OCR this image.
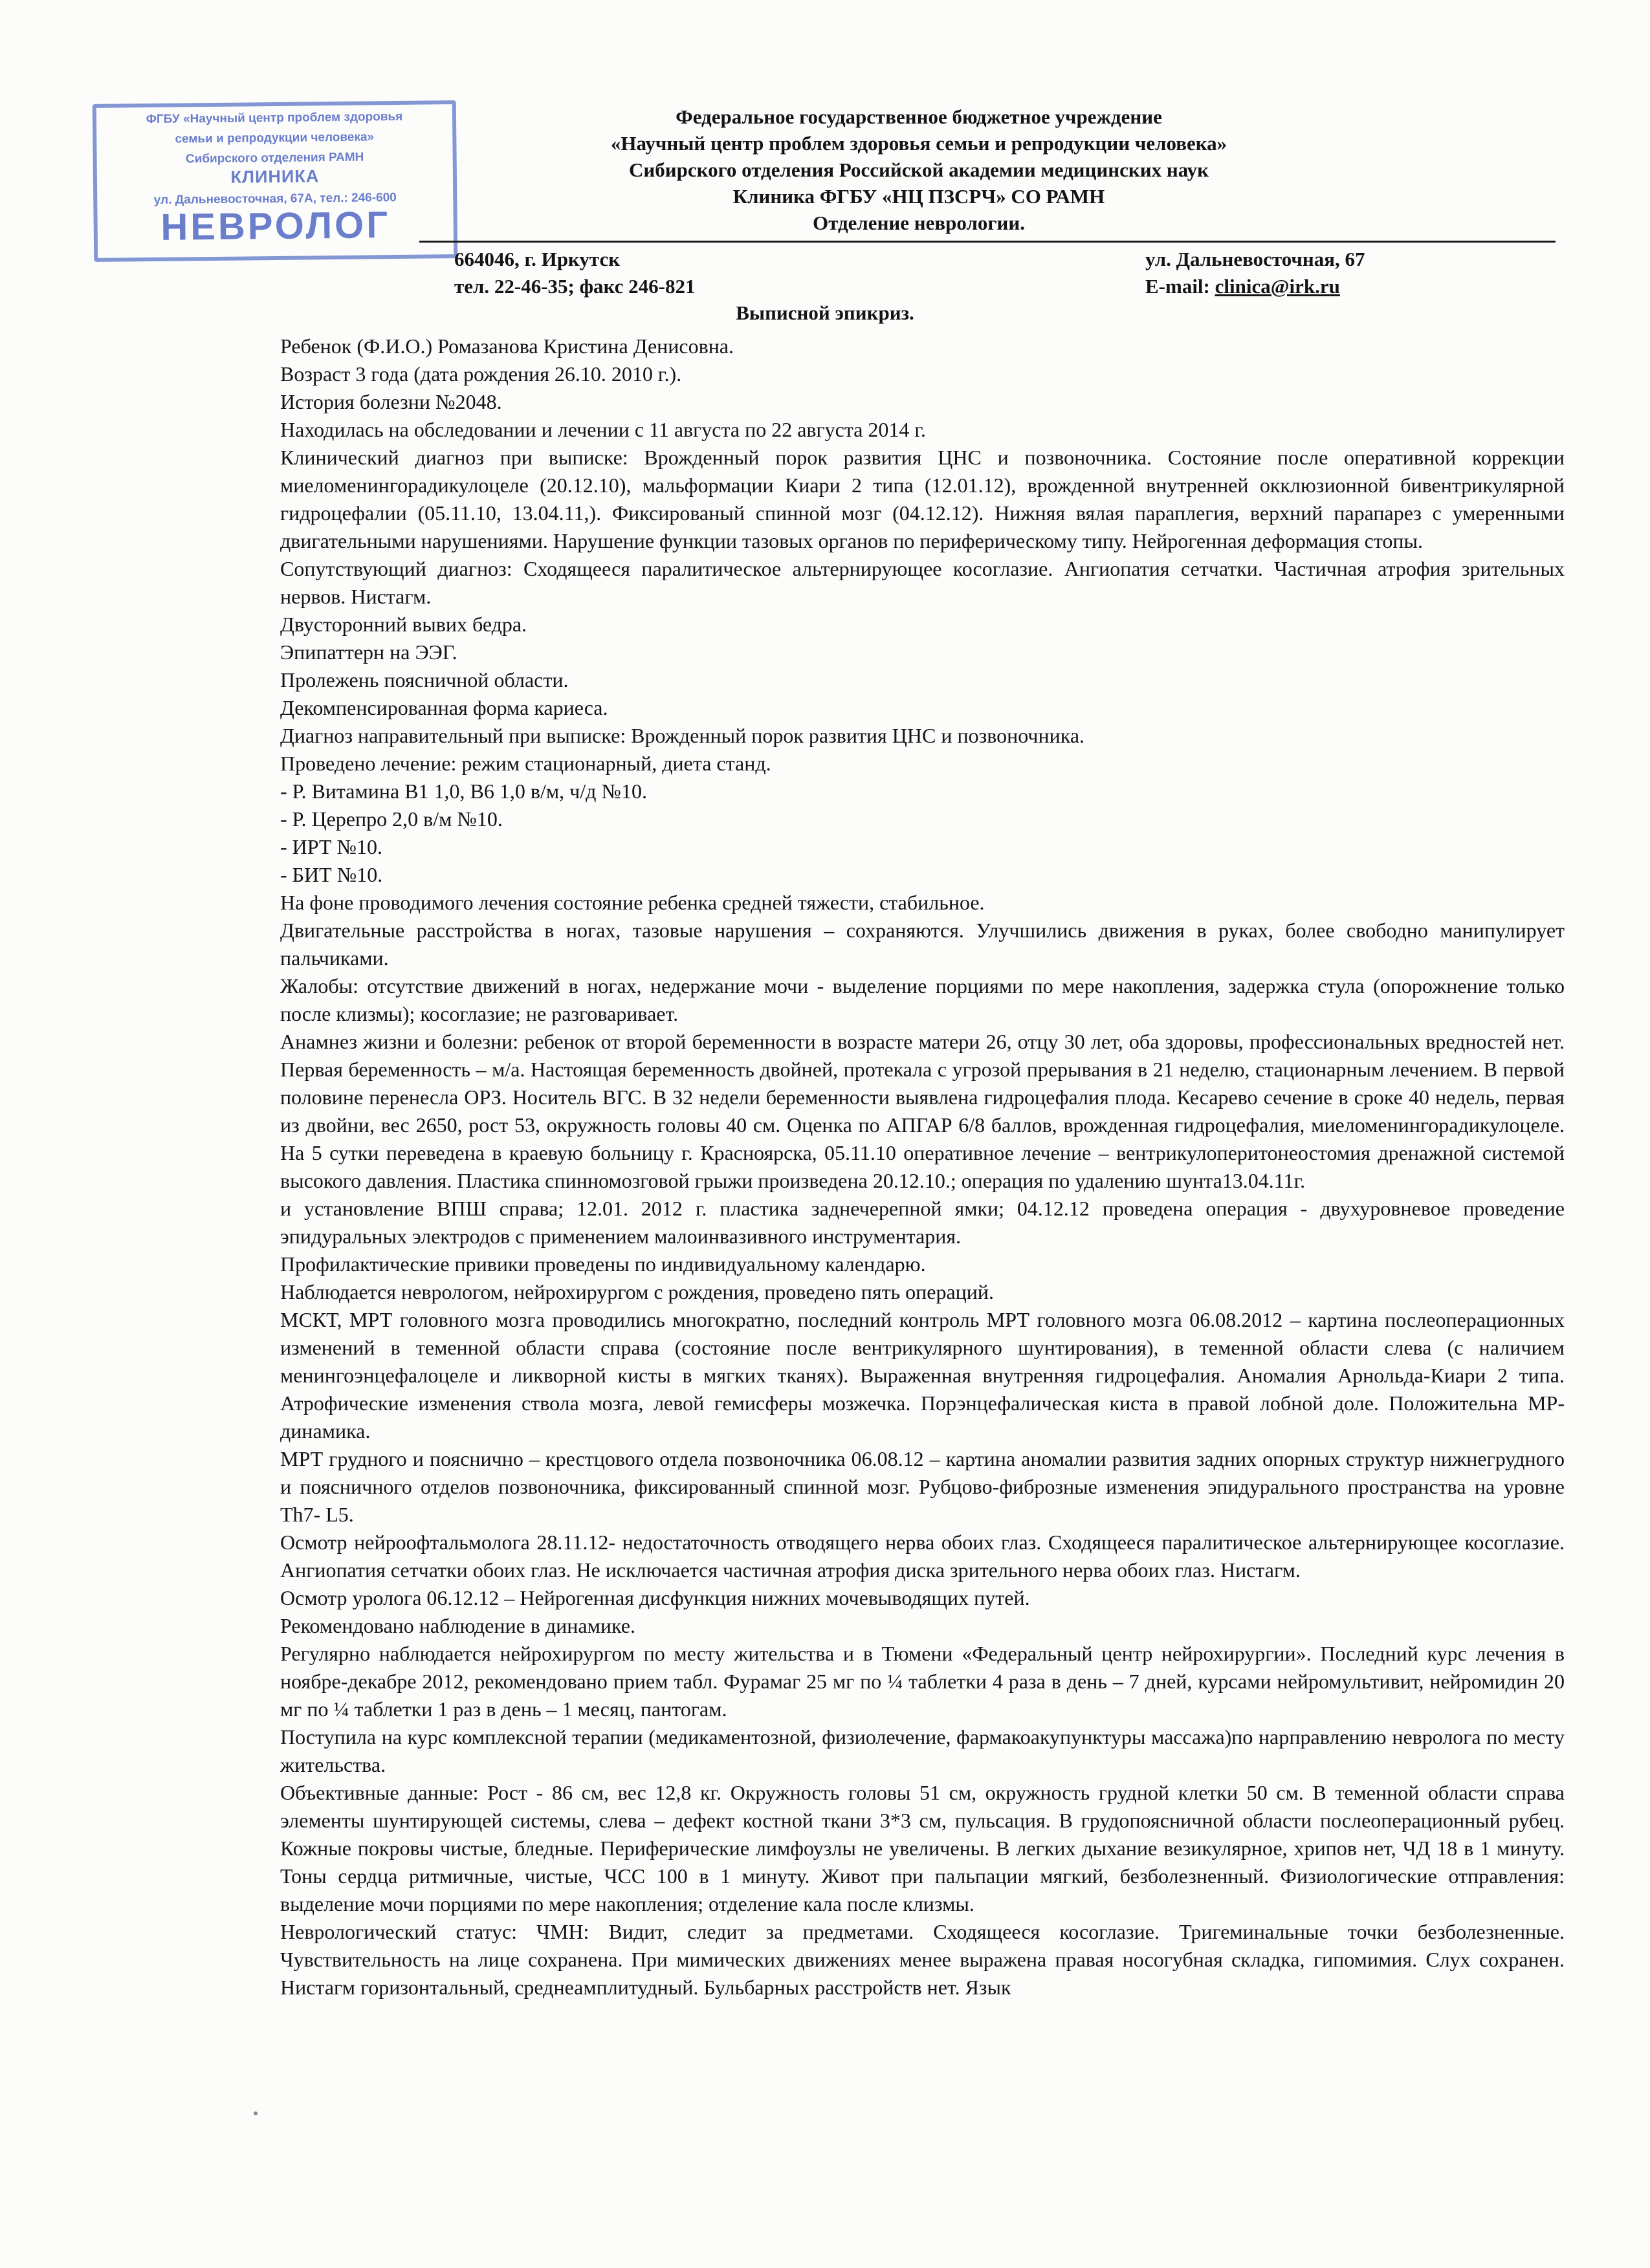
ФГБУ «Научный центр проблем здоровья
семьи и репродукции человека»
Сибирского отделения РАМН
КЛИНИКА
ул. Дальневосточная, 67А, тел.: 246-600
НЕВРОЛОГ
Федеральное государственное бюджетное учреждение
«Научный центр проблем здоровья семьи и репродукции человека»
Сибирского отделения Российской академии медицинских наук
Клиника ФГБУ «НЦ ПЗСРЧ» СО РАМН
Отделение неврологии.
664046, г. Иркутск
тел. 22-46-35; факс 246-821
ул. Дальневосточная, 67
E-mail: clinica@irk.ru
Выписной эпикриз.

Ребенок (Ф.И.О.) Ромазанова Кристина Денисовна.

Возраст 3 года (дата рождения 26.10. 2010 г.).

История болезни №2048.

Находилась на обследовании и лечении с 11 августа по 22 августа 2014 г.

Клинический диагноз при выписке: Врожденный порок развития ЦНС и позвоночника. Состояние после оперативной коррекции миеломенингорадикулоцеле (20.12.10), мальформации Киари 2 типа (12.01.12), врожденной внутренней окклюзионной бивентрикулярной гидроцефалии (05.11.10, 13.04.11,). Фиксированый спинной мозг (04.12.12). Нижняя вялая параплегия, верхний парапарез с умеренными двигательными нарушениями. Нарушение функции тазовых органов по периферическому типу. Нейрогенная деформация стопы.

Сопутствующий диагноз: Сходящееся паралитическое альтернирующее косоглазие. Ангиопатия сетчатки. Частичная атрофия зрительных нервов. Нистагм.

Двусторонний вывих бедра.

Эпипаттерн на ЭЭГ.

Пролежень поясничной области.

Декомпенсированная форма кариеса.

Диагноз направительный при выписке: Врожденный порок развития ЦНС и позвоночника.

Проведено лечение: режим стационарный, диета станд.

- Р. Витамина В1 1,0, В6 1,0 в/м, ч/д №10.

- Р. Церепро 2,0 в/м №10.

- ИРТ №10.

- БИТ №10.

На фоне проводимого лечения состояние ребенка средней тяжести, стабильное.

Двигательные расстройства в ногах, тазовые нарушения – сохраняются. Улучшились движения в руках, более свободно манипулирует пальчиками.

Жалобы: отсутствие движений в ногах, недержание мочи - выделение порциями по мере накопления, задержка стула (опорожнение только после клизмы); косоглазие; не разговаривает.

Анамнез жизни и болезни: ребенок от второй беременности в возрасте матери 26, отцу 30 лет, оба здоровы, профессиональных вредностей нет. Первая беременность – м/а. Настоящая беременность двойней, протекала с угрозой прерывания в 21 неделю, стационарным лечением. В первой половине перенесла ОРЗ. Носитель ВГС. В 32 недели беременности выявлена гидроцефалия плода. Кесарево сечение в сроке 40 недель, первая из двойни, вес 2650, рост 53, окружность головы 40 см. Оценка по АПГАР 6/8 баллов, врожденная гидроцефалия, миеломенингорадикулоцеле. На 5 сутки переведена в краевую больницу г. Красноярска, 05.11.10 оперативное лечение – вентрикулоперитонеостомия дренажной системой высокого давления. Пластика спинномозговой грыжи произведена 20.12.10.; операция по удалению шунта13.04.11г.

и установление ВПШ справа; 12.01. 2012 г. пластика заднечерепной ямки; 04.12.12 проведена операция - двухуровневое проведение эпидуральных электродов с применением малоинвазивного инструментария.

Профилактические привики проведены по индивидуальному календарю.

Наблюдается неврологом, нейрохирургом с рождения, проведено пять операций.

МСКТ, МРТ головного мозга проводились многократно, последний контроль МРТ головного мозга 06.08.2012 – картина послеоперационных изменений в теменной области справа (состояние после вентрикулярного шунтирования), в теменной области слева (с наличием менингоэнцефалоцеле и ликворной кисты в мягких тканях). Выраженная внутренняя гидроцефалия. Аномалия Арнольда-Киари 2 типа. Атрофические изменения ствола мозга, левой гемисферы мозжечка. Порэнцефалическая киста в правой лобной доле. Положительна МР-динамика.

МРТ грудного и пояснично – крестцового отдела позвоночника 06.08.12 – картина аномалии развития задних опорных структур нижнегрудного и поясничного отделов позвоночника, фиксированный спинной мозг. Рубцово-фиброзные изменения эпидурального пространства на уровне Th7- L5.

Осмотр нейроофтальмолога 28.11.12- недостаточность отводящего нерва обоих глаз. Сходящееся паралитическое альтернирующее косоглазие. Ангиопатия сетчатки обоих глаз. Не исключается частичная атрофия диска зрительного нерва обоих глаз. Нистагм.

Осмотр уролога 06.12.12 – Нейрогенная дисфункция нижних мочевыводящих путей.

Рекомендовано наблюдение в динамике.

Регулярно наблюдается нейрохирургом по месту жительства и в Тюмени «Федеральный центр нейрохирургии». Последний курс лечения в ноябре-декабре 2012, рекомендовано прием табл. Фурамаг 25 мг по ¼ таблетки 4 раза в день – 7 дней, курсами нейромультивит, нейромидин 20 мг по ¼ таблетки 1 раз в день – 1 месяц, пантогам.

Поступила на курс комплексной терапии (медикаментозной, физиолечение, фармакоакупунктуры массажа)по нарправлению невролога по месту жительства.

Объективные данные: Рост - 86 см, вес 12,8 кг. Окружность головы 51 см, окружность грудной клетки 50 см. В теменной области справа элементы шунтирующей системы, слева – дефект костной ткани 3*3 см, пульсация. В грудопоясничной области послеоперационный рубец. Кожные покровы чистые, бледные. Периферические лимфоузлы не увеличены. В легких дыхание везикулярное, хрипов нет, ЧД 18 в 1 минуту. Тоны сердца ритмичные, чистые, ЧСС 100 в 1 минуту. Живот при пальпации мягкий, безболезненный. Физиологические отправления: выделение мочи порциями по мере накопления; отделение кала после клизмы.

Неврологический статус: ЧМН: Видит, следит за предметами. Сходящееся косоглазие. Тригеминальные точки безболезненные. Чувствительность на лице сохранена. При мимических движениях менее выражена правая носогубная складка, гипомимия. Слух сохранен. Нистагм горизонтальный, среднеамплитудный. Бульбарных расстройств нет. Язык
